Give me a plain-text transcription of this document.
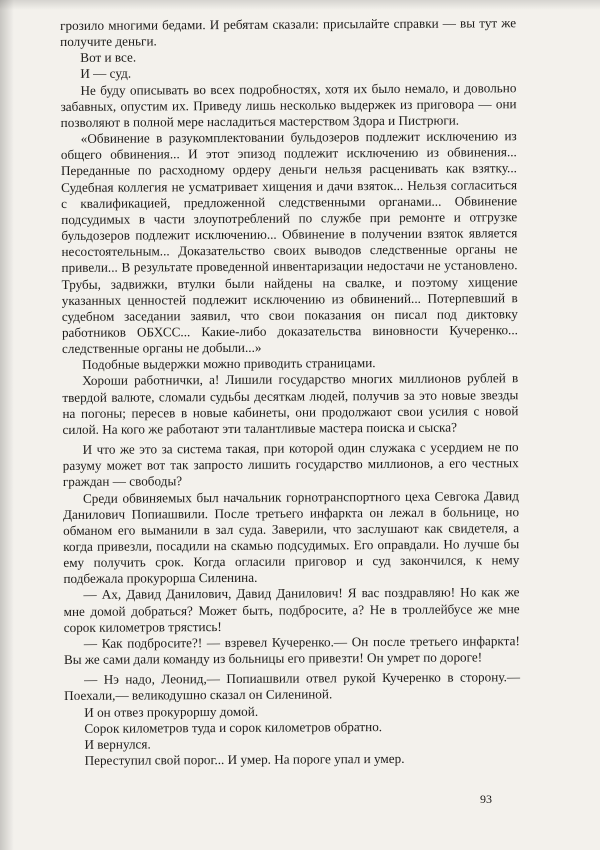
грозило многими бедами. И ребятам сказали: присылайте справки — вы тут же получите деньги.

Вот и все.

И — суд.

Не буду описывать во всех подробностях, хотя их было немало, и довольно забавных, опустим их. Приведу лишь несколько выдержек из приговора — они позволяют в полной мере насладиться мастерством Здора и Пистрюги.

«Обвинение в разукомплектовании бульдозеров подлежит исключению из общего обвинения... И этот эпизод подлежит исключению из обвинения... Переданные по расходному ордеру деньги нельзя расценивать как взятку... Судебная коллегия не усматривает хищения и дачи взяток... Нельзя согласиться с квалификацией, предложенной следственными органами... Обвинение подсудимых в части злоупотреблений по службе при ремонте и отгрузке бульдозеров подлежит исключению... Обвинение в получении взяток является несостоятельным... Доказательство своих выводов следственные органы не привели... В результате проведенной инвентаризации недостачи не установлено. Трубы, задвижки, втулки были найдены на свалке, и поэтому хищение указанных ценностей подлежит исключению из обвинений... Потерпевший в судебном заседании заявил, что свои показания он писал под диктовку работников ОБХСС... Какие-либо доказательства виновности Кучеренко... следственные органы не добыли...»

Подобные выдержки можно приводить страницами.

Хороши работнички, а! Лишили государство многих миллионов рублей в твердой валюте, сломали судьбы десяткам людей, получив за это новые звезды на погоны; пересев в новые кабинеты, они продолжают свои усилия с новой силой. На кого же работают эти талантливые мастера поиска и сыска?

И что же это за система такая, при которой один служака с усердием не по разуму может вот так запросто лишить государство миллионов, а его честных граждан — свободы?

Среди обвиняемых был начальник горнотранспортного цеха Севгока Давид Данилович Попиашвили. После третьего инфаркта он лежал в больнице, но обманом его выманили в зал суда. Заверили, что заслушают как свидетеля, а когда привезли, посадили на скамью подсудимых. Его оправдали. Но лучше бы ему получить срок. Когда огласили приговор и суд закончился, к нему подбежала прокурорша Силенина.

— Ах, Давид Данилович, Давид Данилович! Я вас поздравляю! Но как же мне домой добраться? Может быть, подбросите, а? Не в троллейбусе же мне сорок километров трястись!

— Как подбросите?! — взревел Кучеренко.— Он после третьего инфаркта! Вы же сами дали команду из больницы его привезти! Он умрет по дороге!

— Нэ надо, Леонид,— Попиашвили отвел рукой Кучеренко в сторону.— Поехали,— великодушно сказал он Силениной.

И он отвез прокуроршу домой.

Сорок километров туда и сорок километров обратно.

И вернулся.

Переступил свой порог... И умер. На пороге упал и умер.

93
